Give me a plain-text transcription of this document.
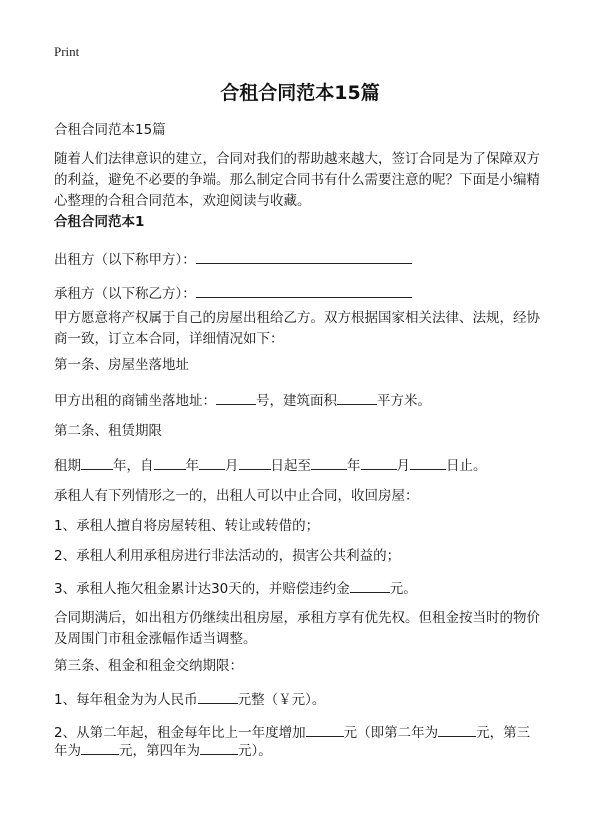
Print
合租合同范本15篇
合租合同范本15篇
随着人们法律意识的建立，合同对我们的帮助越来越大，签订合同是为了保障双方的利益，避免不必要的争端。那么制定合同书有什么需要注意的呢？下面是小编精心整理的合租合同范本，欢迎阅读与收藏。
合租合同范本1
出租方（以下称甲方）：
承租方（以下称乙方）：
甲方愿意将产权属于自己的房屋出租给乙方。双方根据国家相关法律、法规，经协商一致，订立本合同，详细情况如下：
第一条、房屋坐落地址
甲方出租的商铺坐落地址：	号，建筑面积	平方米。
第二条、租赁期限
租期 年，自 年 月 日起至	年	月	日止。
承租人有下列情形之一的，出租人可以中止合同，收回房屋：
1、承租人擅自将房屋转租、转让或转借的；
2、承租人利用承租房进行非法活动的，损害公共利益的；
3、承租人拖欠租金累计达30天的，并赔偿违约金	元。
合同期满后，如出租方仍继续出租房屋，承租方享有优先权。但租金按当时的物价及周围门市租金涨幅作适当调整。
第三条、租金和租金交纳期限：
1、每年租金为为人民币	元整（￥元）。
2、从第二年起，租金每年比上一年度增加	元（即第二年为	元，第三
年为	元，第四年为	元）。
